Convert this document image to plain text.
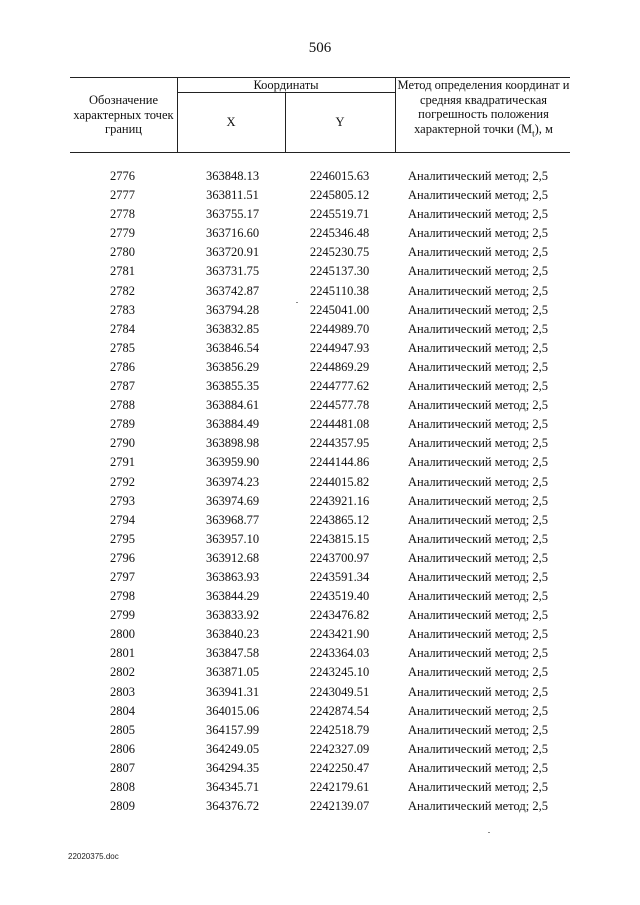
506
Обозначение характерных точек границ
Координаты
X	Y
Метод определения координат и средняя квадратическая погрешность положения характерной точки $(M_t)$, м
2776	363848.13	2246015.63	Аналитический метод; 2,5
2777	363811.51	2245805.12	Аналитический метод; 2,5
2778	363755.17	2245519.71	Аналитический метод; 2,5
2779	363716.60	2245346.48	Аналитический метод; 2,5
2780	363720.91	2245230.75	Аналитический метод; 2,5
2781	363731.75	2245137.30	Аналитический метод; 2,5
2782	363742.87	2245110.38	Аналитический метод; 2,5
2783	363794.28	2245041.00	Аналитический метод; 2,5
2784	363832.85	2244989.70	Аналитический метод; 2,5
2785	363846.54	2244947.93	Аналитический метод; 2,5
2786	363856.29	2244869.29	Аналитический метод; 2,5
2787	363855.35	2244777.62	Аналитический метод; 2,5
2788	363884.61	2244577.78	Аналитический метод; 2,5
2789	363884.49	2244481.08	Аналитический метод; 2,5
2790	363898.98	2244357.95	Аналитический метод; 2,5
2791	363959.90	2244144.86	Аналитический метод; 2,5
2792	363974.23	2244015.82	Аналитический метод; 2,5
2793	363974.69	2243921.16	Аналитический метод; 2,5
2794	363968.77	2243865.12	Аналитический метод; 2,5
2795	363957.10	2243815.15	Аналитический метод; 2,5
2796	363912.68	2243700.97	Аналитический метод; 2,5
2797	363863.93	2243591.34	Аналитический метод; 2,5
2798	363844.29	2243519.40	Аналитический метод; 2,5
2799	363833.92	2243476.82	Аналитический метод; 2,5
2800	363840.23	2243421.90	Аналитический метод; 2,5
2801	363847.58	2243364.03	Аналитический метод; 2,5
2802	363871.05	2243245.10	Аналитический метод; 2,5
2803	363941.31	2243049.51	Аналитический метод; 2,5
2804	364015.06	2242874.54	Аналитический метод; 2,5
2805	364157.99	2242518.79	Аналитический метод; 2,5
2806	364249.05	2242327.09	Аналитический метод; 2,5
2807	364294.35	2242250.47	Аналитический метод; 2,5
2808	364345.71	2242179.61	Аналитический метод; 2,5
2809	364376.72	2242139.07	Аналитический метод; 2,5
22020375.doc
